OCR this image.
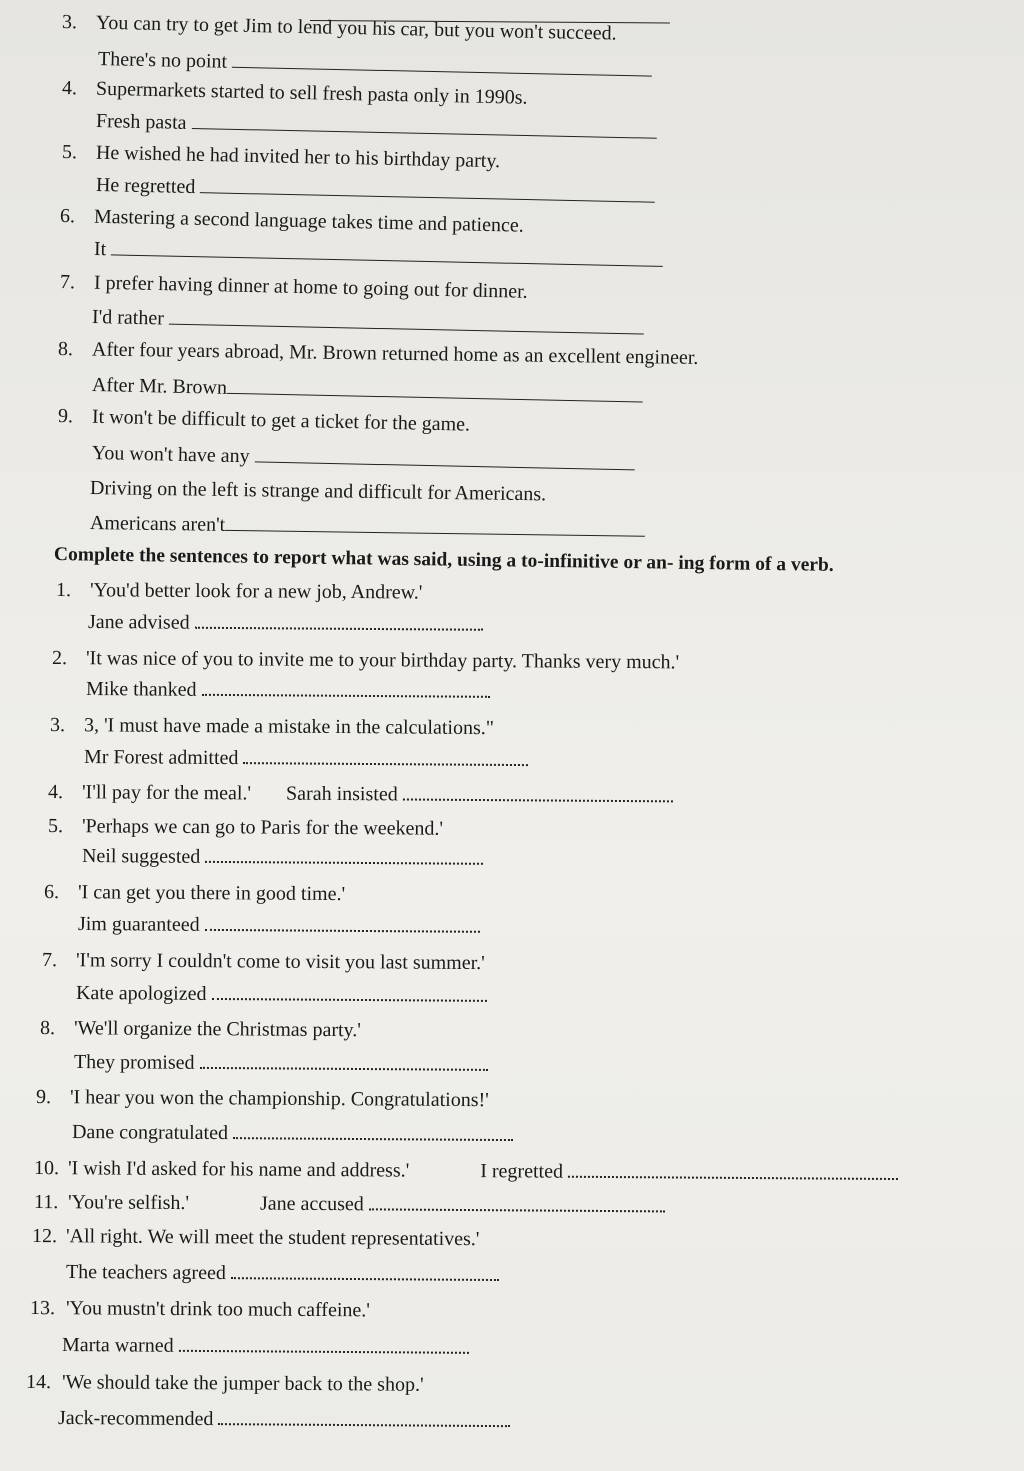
3. You can try to get Jim to lend you his car, but you won't succeed.
There's no point
4. Supermarkets started to sell fresh pasta only in 1990s.
Fresh pasta
5. He wished he had invited her to his birthday party.
He regretted
6. Mastering a second language takes time and patience.
It
7. I prefer having dinner at home to going out for dinner.
I'd rather
8. After four years abroad, Mr. Brown returned home as an excellent engineer.
After Mr. Brown
9. It won't be difficult to get a ticket for the game.
You won't have any
Driving on the left is strange and difficult for Americans.
Americans aren't
Complete the sentences to report what was said, using a to-infinitive or an- ing form of a verb.
1. 'You'd better look for a new job, Andrew.'
Jane advised
2. 'It was nice of you to invite me to your birthday party. Thanks very much.'
Mike thanked
3. 3, 'I must have made a mistake in the calculations."
Mr Forest admitted
4. 'I'll pay for the meal.' Sarah insisted
5. 'Perhaps we can go to Paris for the weekend.'
Neil suggested
6. 'I can get you there in good time.'
Jim guaranteed
7. 'I'm sorry I couldn't come to visit you last summer.'
Kate apologized
8. 'We'll organize the Christmas party.'
They promised
9. 'I hear you won the championship. Congratulations!'
Dane congratulated
10. 'I wish I'd asked for his name and address.'	I regretted
11. 'You're selfish.'	Jane accused
12. 'All right. We will meet the student representatives.'
The teachers agreed
13. 'You mustn't drink too much caffeine.'
Marta warned
14. 'We should take the jumper back to the shop.'
Jack-recommended
